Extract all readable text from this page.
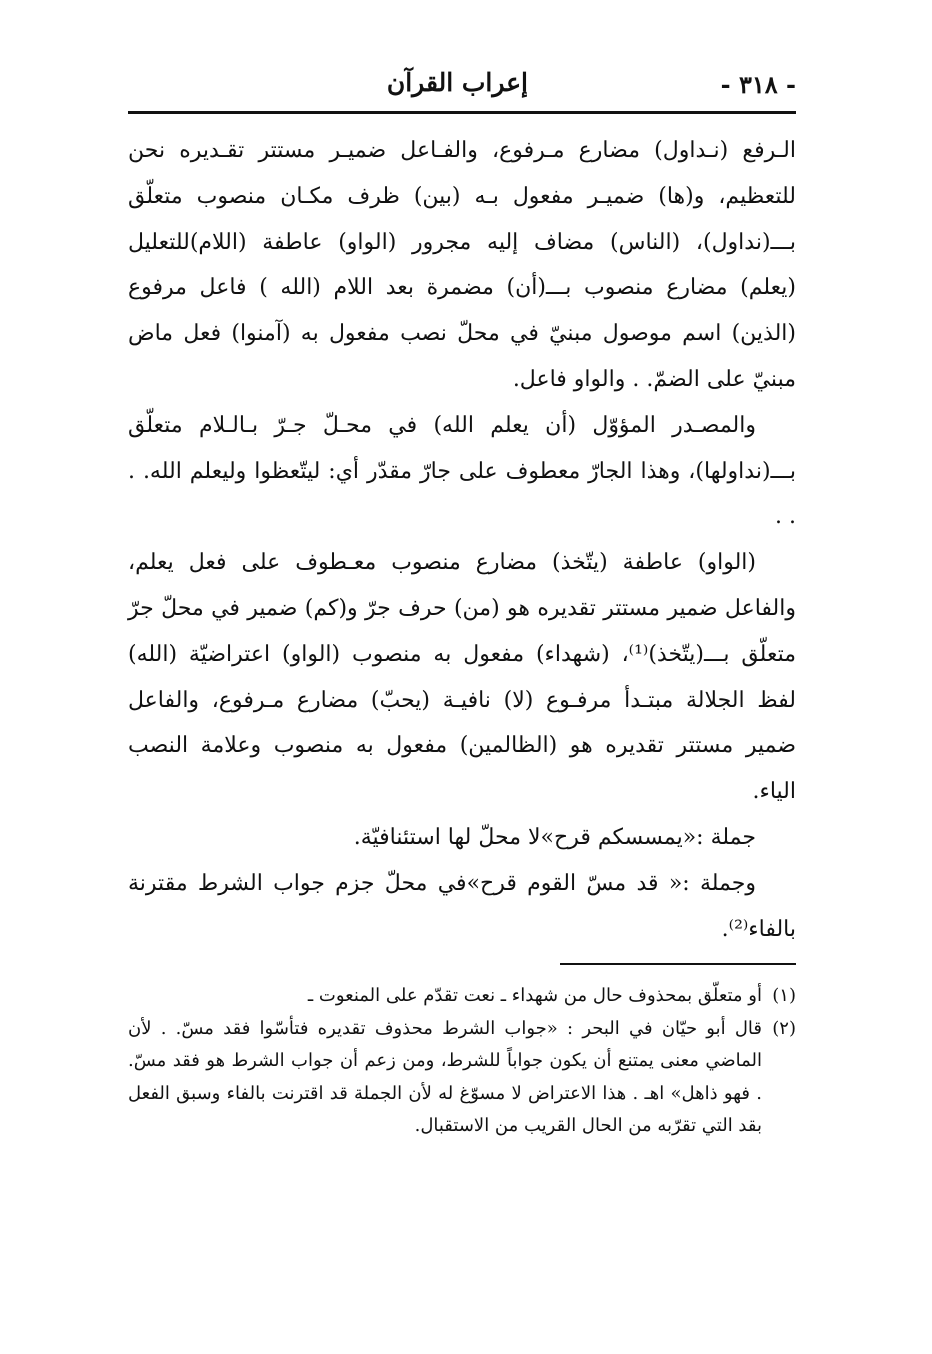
- ٣١٨ -
إعراب القرآن

الـرفع (نـداول) مضارع مـرفوع، والفـاعل ضميـر مستتر تقـديره نحن للتعظيم، و(ها) ضميـر مفعول بـه (بين) ظرف مكـان منصوب متعلّق بـــ(نداول)، (الناس) مضاف إليه مجرور (الواو) عاطفة (اللام)للتعليل (يعلم) مضارع منصوب بـــ(أن) مضمرة بعد اللام (الله ) فاعل مرفوع (الذين) اسم موصول مبنيّ في محلّ نصب مفعول به (آمنوا) فعل ماض مبنيّ على الضمّ. . والواو فاعل.

والمصـدر المؤوّل (أن يعلم الله) في محـلّ جـرّ بـالـلام متعلّق بـــ(نداولها)، وهذا الجارّ معطوف على جارّ مقدّر أي: ليتّعظوا وليعلم الله. . . .

(الواو) عاطفة (يتّخذ) مضارع منصوب معـطوف على فعل يعلم، والفاعل ضمير مستتر تقديره هو (من) حرف جرّ و(كم) ضمير في محلّ جرّ متعلّق بـــ(يتّخذ)⁽¹⁾، (شهداء) مفعول به منصوب (الواو) اعتراضيّة (الله) لفظ الجلالة مبتـدأ مرفـوع (لا) نافيـة (يحبّ) مضارع مـرفوع، والفاعل ضمير مستتر تقديره هو (الظالمين) مفعول به منصوب وعلامة النصب الياء.

جملة :«يمسسكم قرح»لا محلّ لها استئنافيّة.

وجملة :« قد مسّ القوم قرح»في محلّ جزم جواب الشرط مقترنة بالفاء⁽²⁾.

(١)
أو متعلّق بمحذوف حال من شهداء ـ نعت تقدّم على المنعوت ـ
(٢)
قال أبو حيّان في البحر : «جواب الشرط محذوف تقديره فتأسّوا فقد مسّ. . لأن الماضي معنى يمتنع أن يكون جواباً للشرط، ومن زعم أن جواب الشرط هو فقد مسّ. . فهو ذاهل» اهـ . هذا الاعتراض لا مسوّغ له لأن الجملة قد اقترنت بالفاء وسبق الفعل بقد التي تقرّبه من الحال القريب من الاستقبال.
